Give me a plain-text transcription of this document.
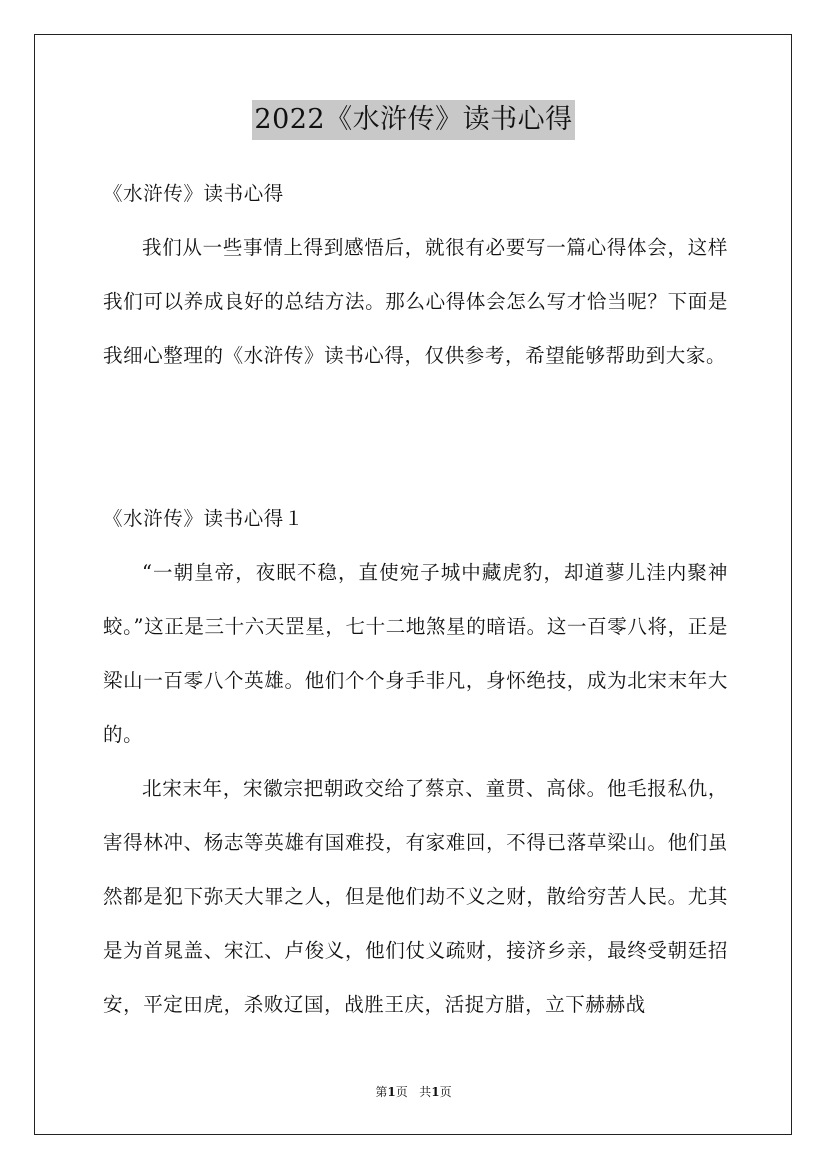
2022《水浒传》读书心得

《水浒传》读书心得

我们从一些事情上得到感悟后，就很有必要写一篇心得体会，这样我们可以养成良好的总结方法。那么心得体会怎么写才恰当呢？下面是我细心整理的《水浒传》读书心得，仅供参考，希望能够帮助到大家。

《水浒传》读书心得１

“一朝皇帝，夜眠不稳，直使宛子城中藏虎豹，却道蓼儿洼内聚神蛟。”这正是三十六天罡星，七十二地煞星的暗语。这一百零八将，正是梁山一百零八个英雄。他们个个身手非凡，身怀绝技，成为北宋末年大的。

北宋末年，宋徽宗把朝政交给了蔡京、童贯、高俅。他毛报私仇，害得林冲、杨志等英雄有国难投，有家难回，不得已落草梁山。他们虽然都是犯下弥天大罪之人，但是他们劫不义之财，散给穷苦人民。尤其是为首晁盖、宋江、卢俊义，他们仗义疏财，接济乡亲，最终受朝廷招安，平定田虎，杀败辽国，战胜王庆，活捉方腊，立下赫赫战

第1页 共1页
